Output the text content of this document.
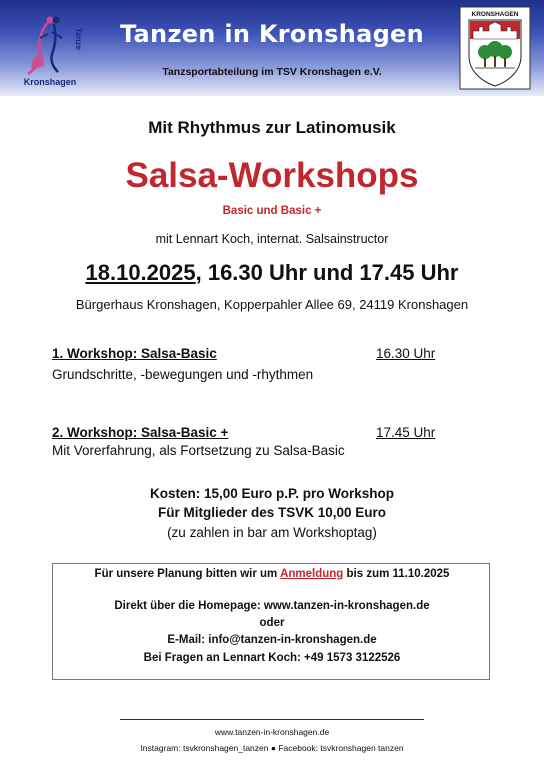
Tanze
Kronshagen
Tanzen in Kronshagen
Tanzsportabteilung im TSV Kronshagen e.V.
KRONSHAGEN
Mit Rhythmus zur Latinomusik
Salsa-Workshops
Basic und Basic +
mit Lennart Koch, internat. Salsainstructor
18.10.2025, 16.30 Uhr und 17.45 Uhr
Bürgerhaus Kronshagen, Kopperpahler Allee 69, 24119 Kronshagen
1. Workshop: Salsa-Basic	16.30 Uhr
Grundschritte, -bewegungen und -rhythmen
2. Workshop: Salsa-Basic +	17.45 Uhr
Mit Vorerfahrung, als Fortsetzung zu Salsa-Basic
Kosten: 15,00 Euro p.P. pro Workshop
Für Mitglieder des TSVK 10,00 Euro
(zu zahlen in bar am Workshoptag)
Für unsere Planung bitten wir um Anmeldung bis zum 11.10.2025
Direkt über die Homepage: www.tanzen-in-kronshagen.de
oder
E-Mail: info@tanzen-in-kronshagen.de
Bei Fragen an Lennart Koch: +49 1573 3122526
www.tanzen-in-kronshagen.de
Instagram: tsvkronshagen_tanzen ● Facebook: tsvkronshagen tanzen
